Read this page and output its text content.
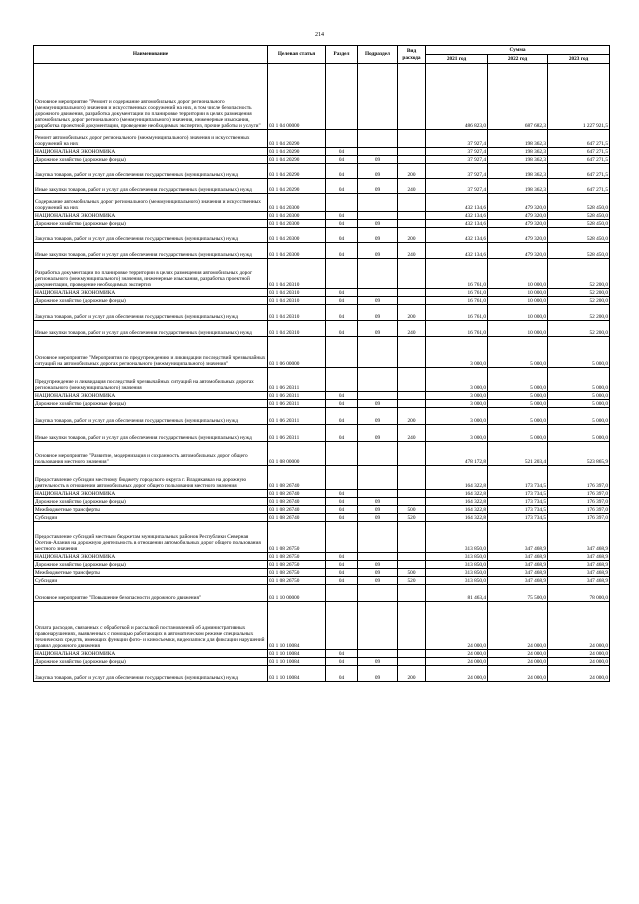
214
Наименование	Целевая статья	Раздел	Подраздел	Вид расхода	Сумма		
					2021 год	2022 год	2023 год
Основное мероприятие "Ремонт и содержание автомобильных дорог регионального (межмуниципального) значения и искусственных сооружений на них, в том числе безопасность дорожного движения, разработка документации по планировке территории в целях размещения автомобильных дорог регионального (межмуниципального) значения, инженерные изыскания, разработка проектной документации, проведение необходимых экспертиз, прочие работы и услуги"	03 1 04 00000				486 823,0	687 682,3	1 227 921,5
Ремонт автомобильных дорог регионального (межмуниципального) значения и искусственных сооружений на них	03 1 04 20290				37 927,4	198 362,3	647 271,5
НАЦИОНАЛЬНАЯ ЭКОНОМИКА	03 1 04 20290	04			37 927,4	198 362,3	647 271,5
Дорожное хозяйство (дорожные фонды)	03 1 04 20290	04	09		37 927,4	198 362,3	647 271,5
Закупка товаров, работ и услуг для обеспечения государственных (муниципальных) нужд	03 1 04 20290	04	09	200	37 927,4	198 362,3	647 271,5
Иные закупки товаров, работ и услуг для обеспечения государственных (муниципальных) нужд	03 1 04 20290	04	09	240	37 927,4	198 362,3	647 271,5
Содержание автомобильных дорог регионального (межмуниципального) значения и искусственных сооружений на них	03 1 04 20300				432 134,6	479 320,0	528 450,0
НАЦИОНАЛЬНАЯ ЭКОНОМИКА	03 1 04 20300	04			432 134,6	479 320,0	528 450,0
Дорожное хозяйство (дорожные фонды)	03 1 04 20300	04	09		432 134,6	479 320,0	528 450,0
Закупка товаров, работ и услуг для обеспечения государственных (муниципальных) нужд	03 1 04 20300	04	09	200	432 134,6	479 320,0	528 450,0
Иные закупки товаров, работ и услуг для обеспечения государственных (муниципальных) нужд	03 1 04 20300	04	09	240	432 134,6	479 320,0	528 450,0
Разработка документации по планировке территории в целях размещения автомобильных дорог регионального (межмуниципального) значения, инженерные изыскания, разработка проектной документации, проведение необходимых экспертиз	03 1 04 20310				16 761,0	10 000,0	52 200,0
НАЦИОНАЛЬНАЯ ЭКОНОМИКА	03 1 04 20310	04			16 761,0	10 000,0	52 200,0
Дорожное хозяйство (дорожные фонды)	03 1 04 20310	04	09		16 761,0	10 000,0	52 200,0
Закупка товаров, работ и услуг для обеспечения государственных (муниципальных) нужд	03 1 04 20310	04	09	200	16 761,0	10 000,0	52 200,0
Иные закупки товаров, работ и услуг для обеспечения государственных (муниципальных) нужд	03 1 04 20310	04	09	240	16 761,0	10 000,0	52 200,0
Основное мероприятие "Мероприятия по предупреждению и ликвидации последствий чрезвычайных ситуаций на автомобильных дорогах регионального (межмуниципального) значения"	03 1 06 00000				3 000,0	5 000,0	5 000,0
Предупреждение и ликвидация последствий чрезвычайных ситуаций на автомобильных дорогах регионального (межмуниципального) значения	03 1 06 20311				3 000,0	5 000,0	5 000,0
НАЦИОНАЛЬНАЯ ЭКОНОМИКА	03 1 06 20311	04			3 000,0	5 000,0	5 000,0
Дорожное хозяйство (дорожные фонды)	03 1 06 20311	04	09		3 000,0	5 000,0	5 000,0
Закупка товаров, работ и услуг для обеспечения государственных (муниципальных) нужд	03 1 06 20311	04	09	200	3 000,0	5 000,0	5 000,0
Иные закупки товаров, работ и услуг для обеспечения государственных (муниципальных) нужд	03 1 06 20311	04	09	240	3 000,0	5 000,0	5 000,0
Основное мероприятие "Развитие, модернизация и сохранность автомобильных дорог общего пользования местного значения"	03 1 08 00000				478 172,8	521 203,4	523 865,9
Предоставление субсидии местному бюджету городского округа г. Владикавказ на дорожную деятельность в отношении автомобильных дорог общего пользования местного значения	03 1 08 26740				164 322,8	173 734,5	176 397,0
НАЦИОНАЛЬНАЯ ЭКОНОМИКА	03 1 08 26740	04			164 322,8	173 734,5	176 397,0
Дорожное хозяйство (дорожные фонды)	03 1 08 26740	04	09		164 322,8	173 734,5	176 397,0
Межбюджетные трансферты	03 1 08 26740	04	09	500	164 322,8	173 734,5	176 397,0
Субсидии	03 1 08 26740	04	09	520	164 322,8	173 734,5	176 397,0
Предоставление субсидий местным бюджетам муниципальных районов Республики Северная Осетия-Алания на дорожную деятельность в отношении автомобильных дорог общего пользования местного значения	03 1 08 26750				313 850,0	347 468,9	347 468,9
НАЦИОНАЛЬНАЯ ЭКОНОМИКА	03 1 08 26750	04			313 850,0	347 468,9	347 468,9
Дорожное хозяйство (дорожные фонды)	03 1 08 26750	04	09		313 850,0	347 468,9	347 468,9
Межбюджетные трансферты	03 1 08 26750	04	09	500	313 850,0	347 468,9	347 468,9
Субсидии	03 1 08 26750	04	09	520	313 850,0	347 468,9	347 468,9
Основное мероприятие "Повышение безопасности дорожного движения"	03 1 10 00000				81 463,4	75 500,0	78 000,0
Оплата расходов, связанных с обработкой и рассылкой постановлений об административных правонарушениях, выявленных с помощью работающих в автоматическом режиме специальных технических средств, имеющих функции фото- и киносъемки, видеозаписи для фиксации нарушений правил дорожного движения	03 1 10 10084				24 000,0	24 000,0	24 000,0
НАЦИОНАЛЬНАЯ ЭКОНОМИКА	03 1 10 10084	04			24 000,0	24 000,0	24 000,0
Дорожное хозяйство (дорожные фонды)	03 1 10 10084	04	09		24 000,0	24 000,0	24 000,0
Закупка товаров, работ и услуг для обеспечения государственных (муниципальных) нужд	03 1 10 10084	04	09	200	24 000,0	24 000,0	24 000,0
